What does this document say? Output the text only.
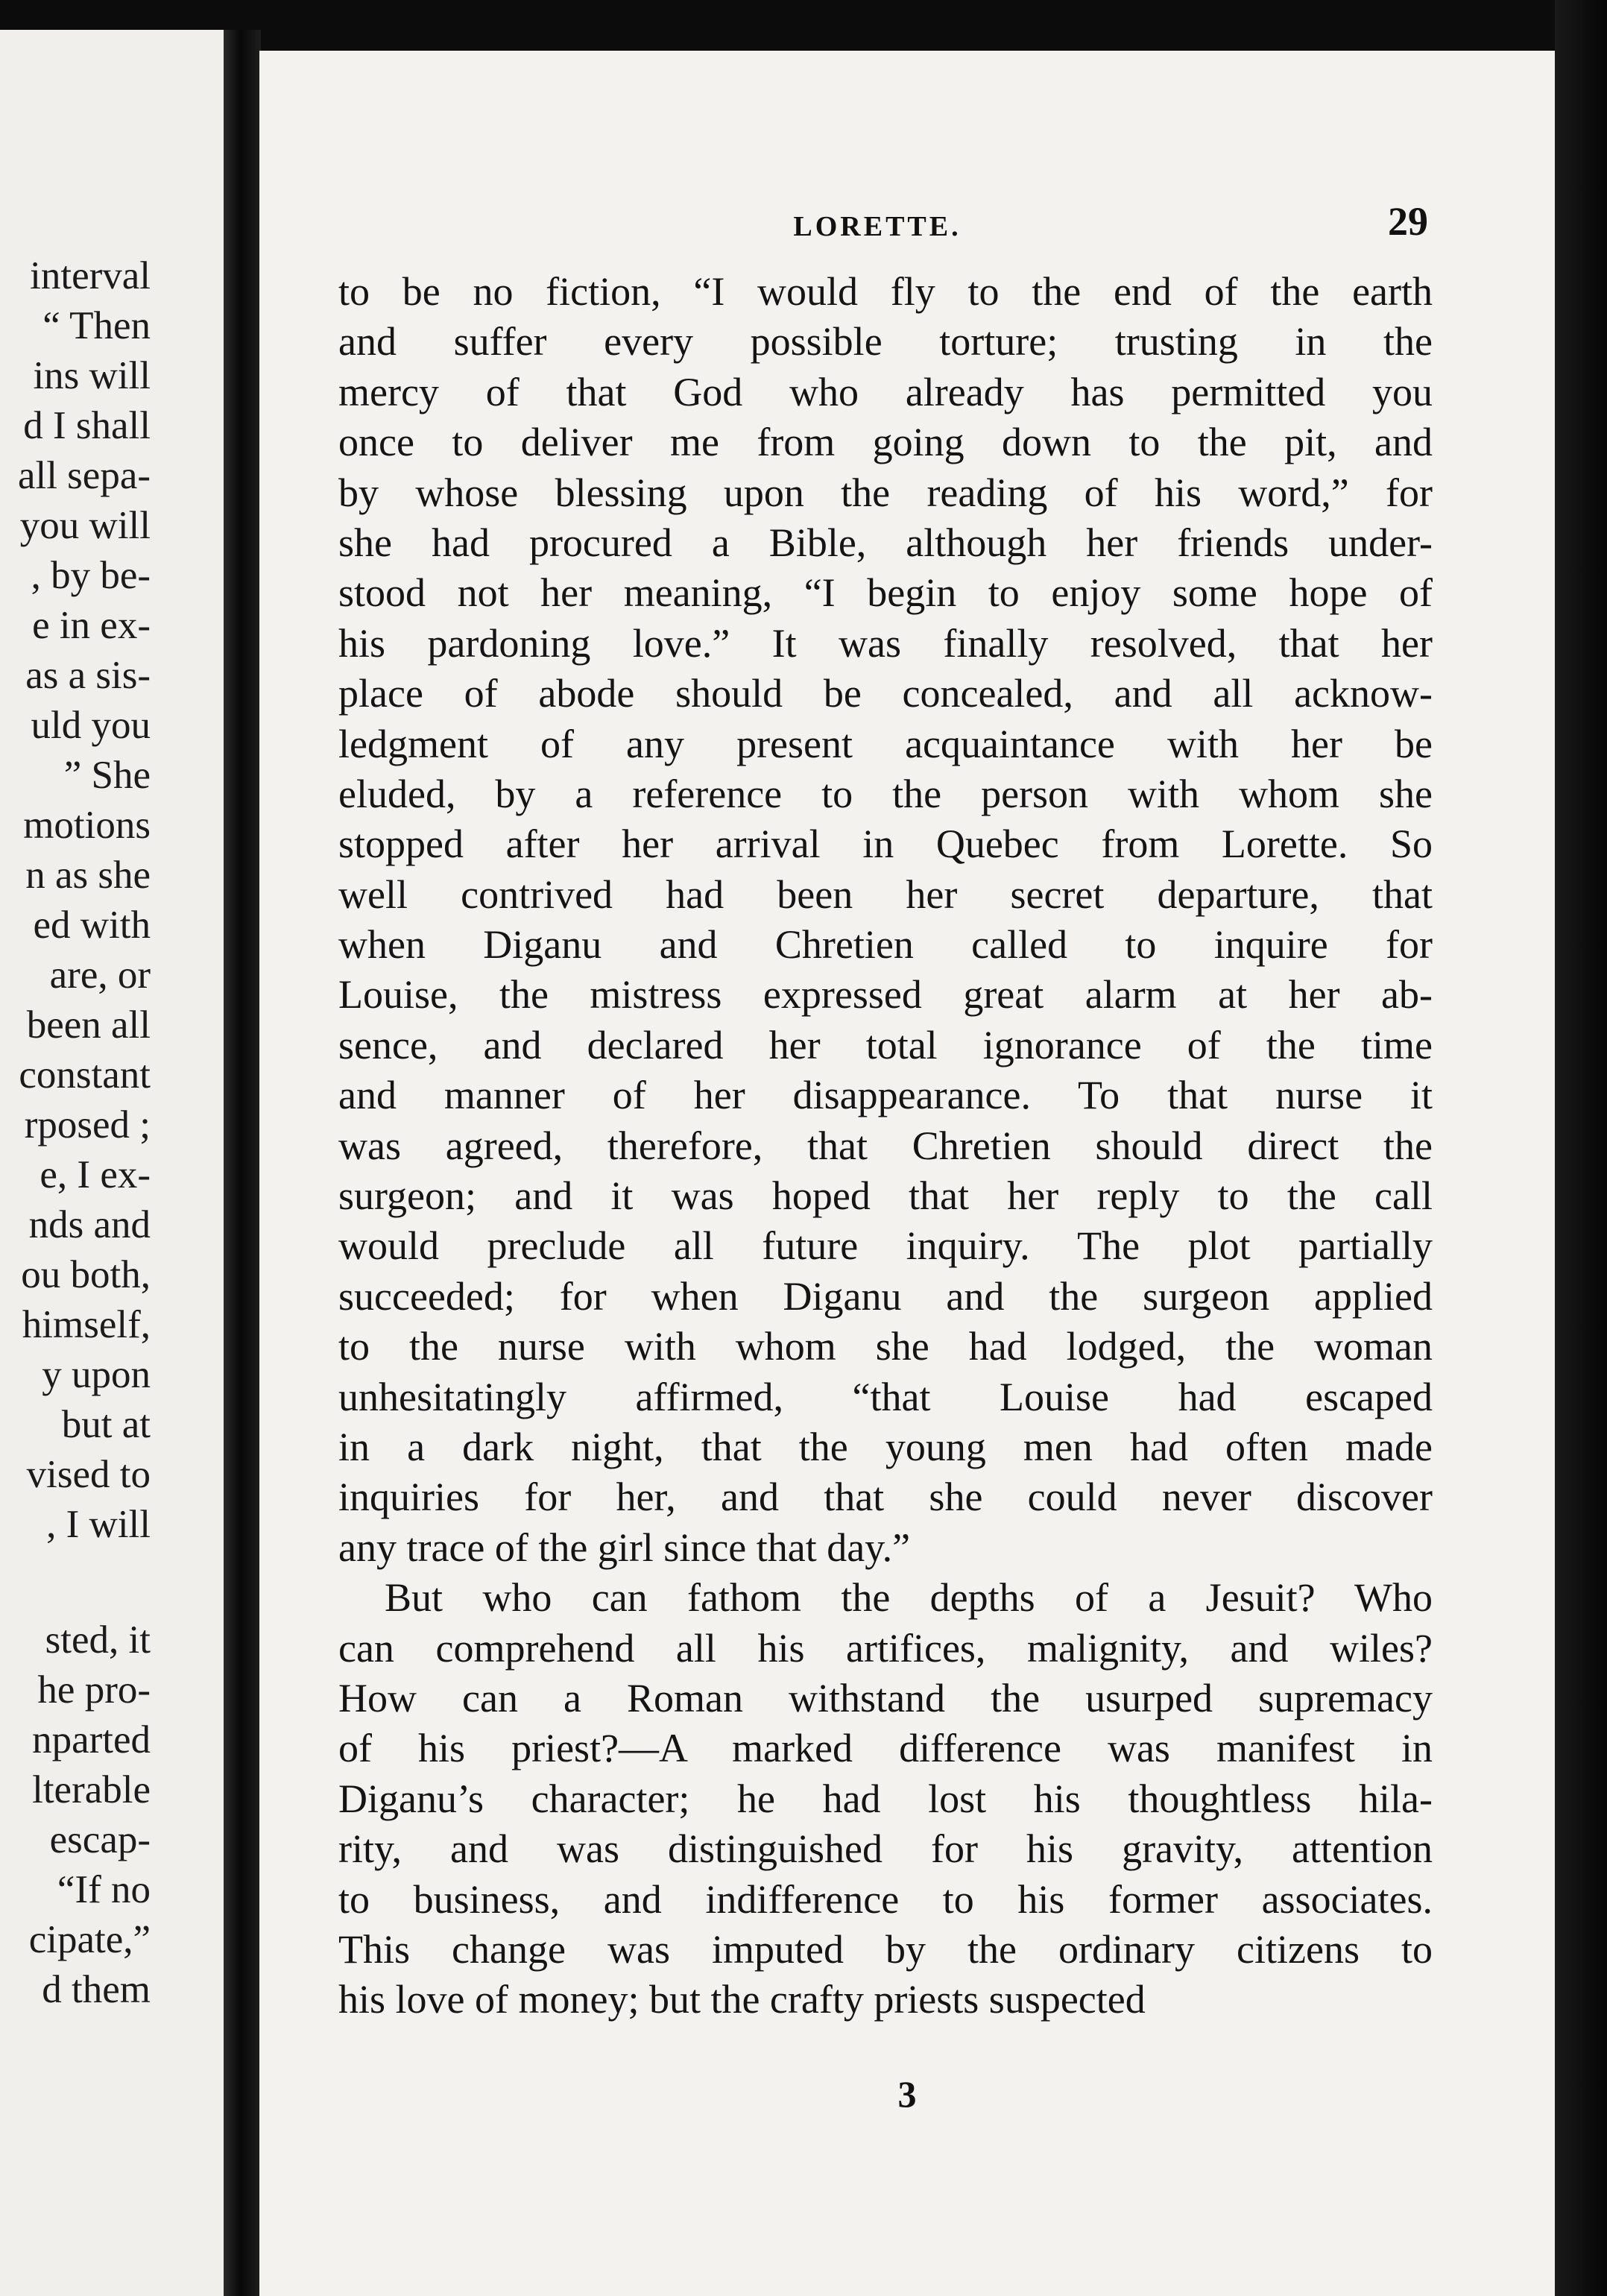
interval
“ Then
ins will
d I shall
all sepa-
you will
, by be-
e in ex-
as a sis-
uld you
” She
motions
n as she
ed with
are, or
been all
constant
rposed ;
e, I ex-
nds and
ou both,
himself,
y upon
but at
vised to
, I will
sted, it
he pro-
nparted
lterable
escap-
“If no
cipate,”
d them
LORETTE.	29
to be no fiction, “I would fly to the end of the earth
and suffer every possible torture; trusting in the
mercy of that God who already has permitted you
once to deliver me from going down to the pit, and
by whose blessing upon the reading of his word,” for
she had procured a Bible, although her friends under-
stood not her meaning, “I begin to enjoy some hope of
his pardoning love.” It was finally resolved, that her
place of abode should be concealed, and all acknow-
ledgment of any present acquaintance with her be
eluded, by a reference to the person with whom she
stopped after her arrival in Quebec from Lorette. So
well contrived had been her secret departure, that
when Diganu and Chretien called to inquire for
Louise, the mistress expressed great alarm at her ab-
sence, and declared her total ignorance of the time
and manner of her disappearance. To that nurse it
was agreed, therefore, that Chretien should direct the
surgeon; and it was hoped that her reply to the call
would preclude all future inquiry. The plot partially
succeeded; for when Diganu and the surgeon applied
to the nurse with whom she had lodged, the woman
unhesitatingly affirmed, “that Louise had escaped
in a dark night, that the young men had often made
inquiries for her, and that she could never discover
any trace of the girl since that day.”
But who can fathom the depths of a Jesuit? Who
can comprehend all his artifices, malignity, and wiles?
How can a Roman withstand the usurped supremacy
of his priest?—A marked difference was manifest in
Diganu’s character; he had lost his thoughtless hila-
rity, and was distinguished for his gravity, attention
to business, and indifference to his former associates.
This change was imputed by the ordinary citizens to
his love of money; but the crafty priests suspected
3
